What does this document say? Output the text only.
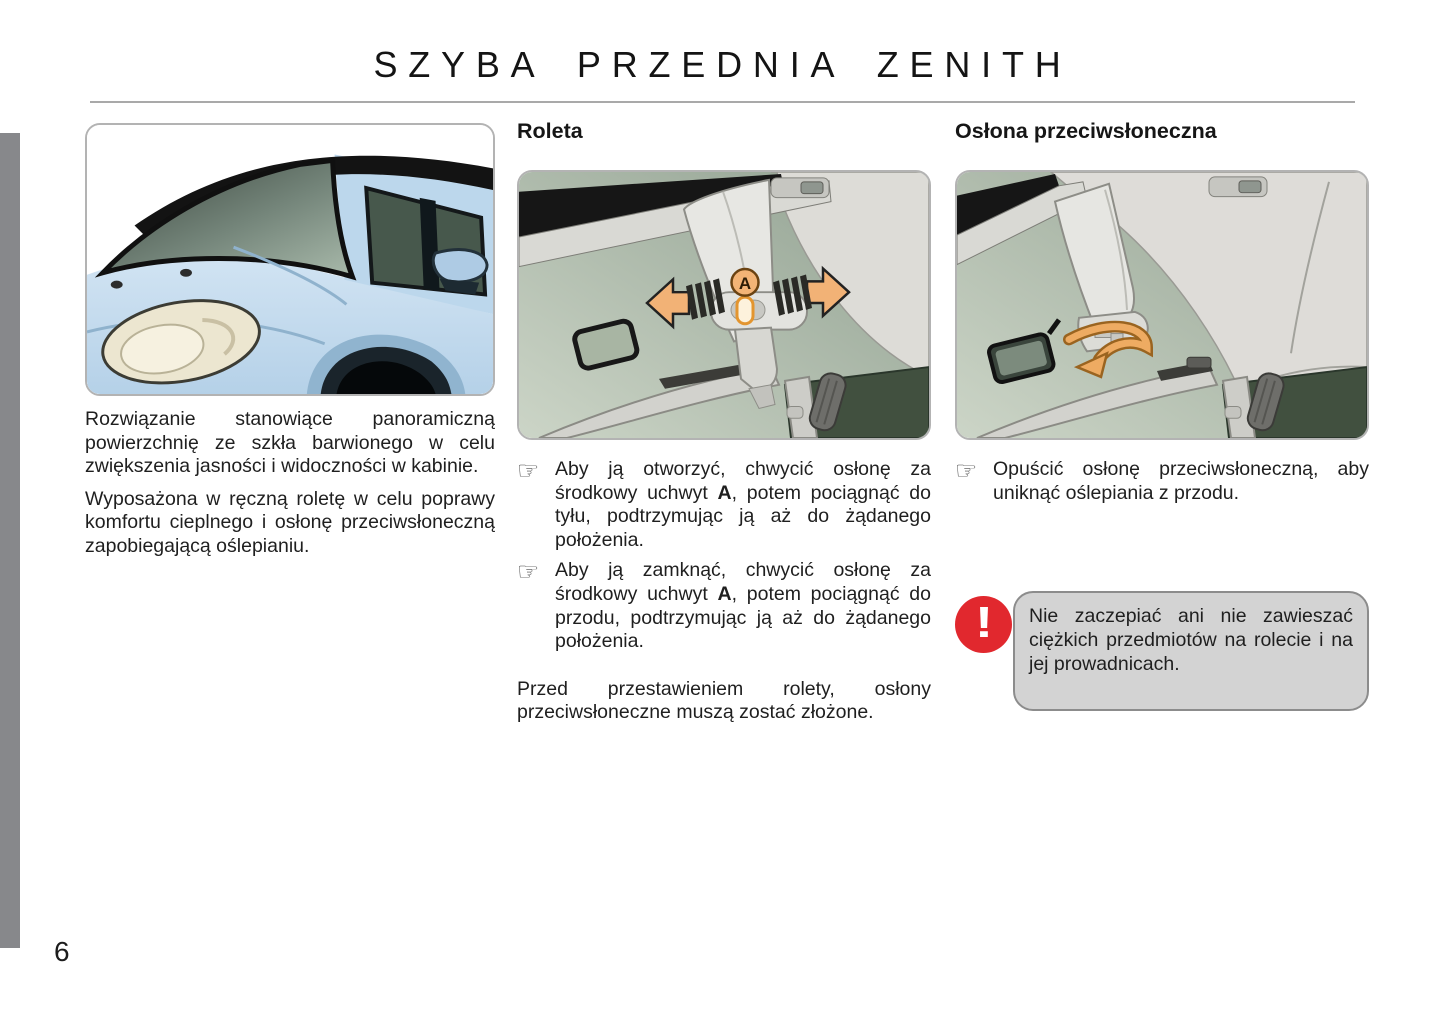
SZYBA PRZEDNIA ZENITH

Rozwiązanie stanowiące panoramiczną powierzchnię ze szkła barwionego w celu zwiększenia jasności i widoczności w kabinie.

Wyposażona w ręczną roletę w celu poprawy komfortu cieplnego i osłonę przeciwsłoneczną zapobiegającą oślepianiu.

Roleta
A
☞ Aby ją otworzyć, chwycić osłonę za środkowy uchwyt A, potem pociągnąć do tyłu, podtrzymując ją aż do żądanego położenia.

☞ Aby ją zamknąć, chwycić osłonę za środkowy uchwyt A, potem pociągnąć do przodu, podtrzymując ją aż do żądanego położenia.

Przed przestawieniem rolety, osłony przeciwsłoneczne muszą zostać złożone.

Osłona przeciwsłoneczna
☞ Opuścić osłonę przeciwsłoneczną, aby uniknąć oślepiania z przodu.

! Nie zaczepiać ani nie zawieszać ciężkich przedmiotów na rolecie i na jej prowadnicach.

6
